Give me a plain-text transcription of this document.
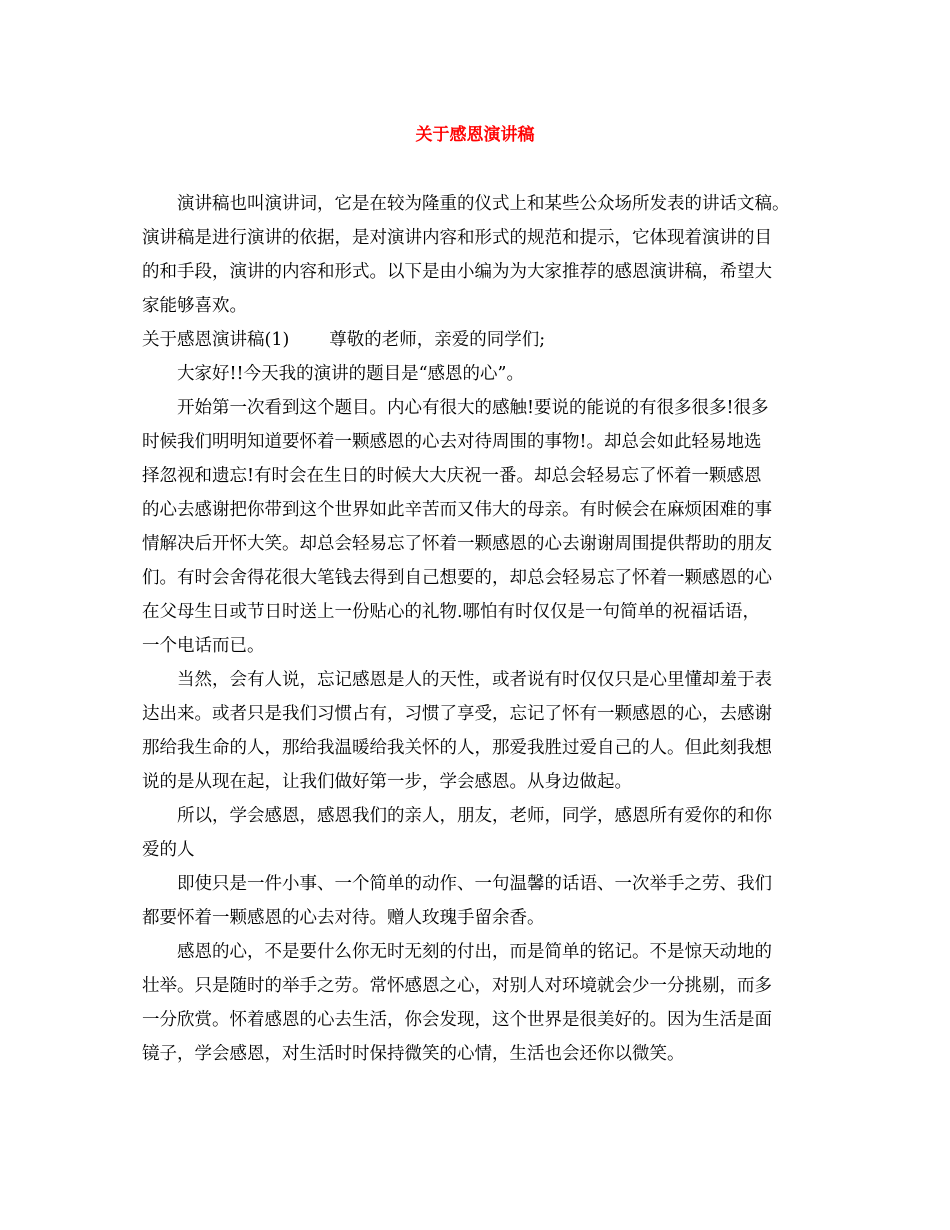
关于感恩演讲稿
　　演讲稿也叫演讲词，它是在较为隆重的仪式上和某些公众场所发表的讲话文稿。
演讲稿是进行演讲的依据，是对演讲内容和形式的规范和提示，它体现着演讲的目
的和手段，演讲的内容和形式。以下是由小编为为大家推荐的感恩演讲稿，希望大
家能够喜欢。
关于感恩演讲稿(1) 尊敬的老师，亲爱的同学们;
　　大家好!!今天我的演讲的题目是“感恩的心”。
　　开始第一次看到这个题目。内心有很大的感触!要说的能说的有很多很多!很多
时候我们明明知道要怀着一颗感恩的心去对待周围的事物!。却总会如此轻易地选
择忽视和遗忘!有时会在生日的时候大大庆祝一番。却总会轻易忘了怀着一颗感恩
的心去感谢把你带到这个世界如此辛苦而又伟大的母亲。有时候会在麻烦困难的事
情解决后开怀大笑。却总会轻易忘了怀着一颗感恩的心去谢谢周围提供帮助的朋友
们。有时会舍得花很大笔钱去得到自己想要的，却总会轻易忘了怀着一颗感恩的心
在父母生日或节日时送上一份贴心的礼物.哪怕有时仅仅是一句简单的祝福话语，
一个电话而已。
　　当然，会有人说，忘记感恩是人的天性，或者说有时仅仅只是心里懂却羞于表
达出来。或者只是我们习惯占有，习惯了享受，忘记了怀有一颗感恩的心，去感谢
那给我生命的人，那给我温暖给我关怀的人，那爱我胜过爱自己的人。但此刻我想
说的是从现在起，让我们做好第一步，学会感恩。从身边做起。
　　所以，学会感恩，感恩我们的亲人，朋友，老师，同学，感恩所有爱你的和你
爱的人
　　即使只是一件小事、一个简单的动作、一句温馨的话语、一次举手之劳、我们
都要怀着一颗感恩的心去对待。赠人玫瑰手留余香。
　　感恩的心，不是要什么你无时无刻的付出，而是简单的铭记。不是惊天动地的
壮举。只是随时的举手之劳。常怀感恩之心，对别人对环境就会少一分挑剔，而多
一分欣赏。怀着感恩的心去生活，你会发现，这个世界是很美好的。因为生活是面
镜子，学会感恩，对生活时时保持微笑的心情，生活也会还你以微笑。
